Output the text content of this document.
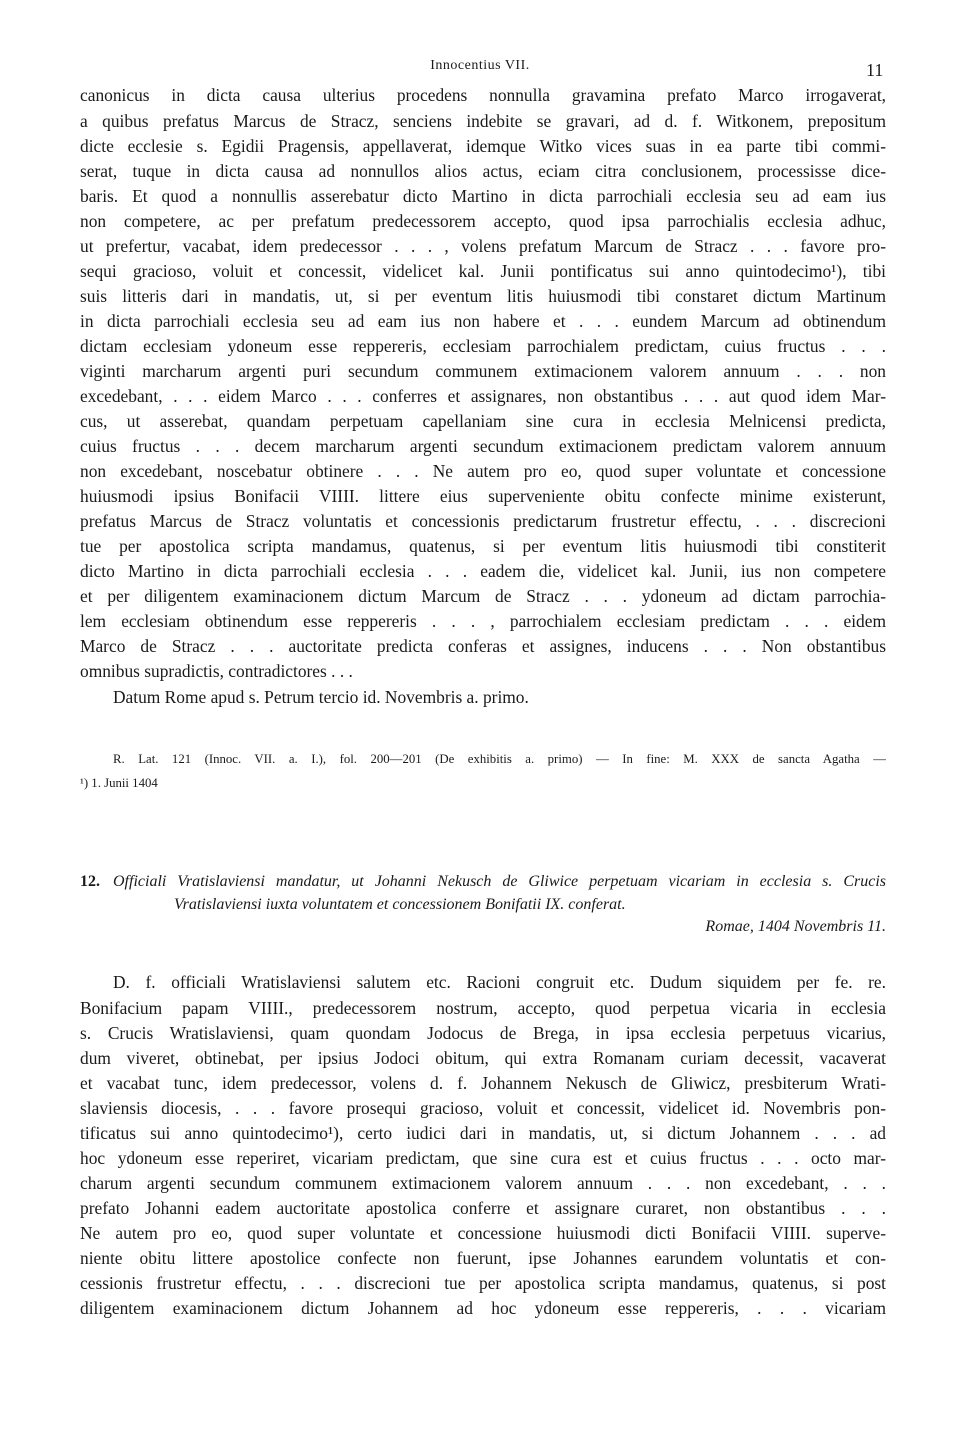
Innocentius VII.	11
canonicus in dicta causa ulterius procedens nonnulla gravamina prefato Marco irrogaverat,
a quibus prefatus Marcus de Stracz, senciens indebite se gravari, ad d. f. Witkonem, prepositum
dicte ecclesie s. Egidii Pragensis, appellaverat, idemque Witko vices suas in ea parte tibi commi-
serat, tuque in dicta causa ad nonnullos alios actus, eciam citra conclusionem, processisse dice-
baris. Et quod a nonnullis asserebatur dicto Martino in dicta parrochiali ecclesia seu ad eam ius
non competere, ac per prefatum predecessorem accepto, quod ipsa parrochialis ecclesia adhuc,
ut prefertur, vacabat, idem predecessor . . . , volens prefatum Marcum de Stracz . . . favore pro-
sequi gracioso, voluit et concessit, videlicet kal. Junii pontificatus sui anno quintodecimo¹), tibi
suis litteris dari in mandatis, ut, si per eventum litis huiusmodi tibi constaret dictum Martinum
in dicta parrochiali ecclesia seu ad eam ius non habere et . . . eundem Marcum ad obtinendum
dictam ecclesiam ydoneum esse reppereris, ecclesiam parrochialem predictam, cuius fructus . . .
viginti marcharum argenti puri secundum communem extimacionem valorem annuum . . . non
excedebant, . . . eidem Marco . . . conferres et assignares, non obstantibus . . . aut quod idem Mar-
cus, ut asserebat, quandam perpetuam capellaniam sine cura in ecclesia Melnicensi predicta,
cuius fructus . . . decem marcharum argenti secundum extimacionem predictam valorem annuum
non excedebant, noscebatur obtinere . . . Ne autem pro eo, quod super voluntate et concessione
huiusmodi ipsius Bonifacii VIIII. littere eius superveniente obitu confecte minime existerunt,
prefatus Marcus de Stracz voluntatis et concessionis predictarum frustretur effectu, . . . discrecioni
tue per apostolica scripta mandamus, quatenus, si per eventum litis huiusmodi tibi constiterit
dicto Martino in dicta parrochiali ecclesia . . . eadem die, videlicet kal. Junii, ius non competere
et per diligentem examinacionem dictum Marcum de Stracz . . . ydoneum ad dictam parrochia-
lem ecclesiam obtinendum esse reppereris . . . , parrochialem ecclesiam predictam . . . eidem
Marco de Stracz . . . auctoritate predicta conferas et assignes, inducens . . . Non obstantibus
omnibus supradictis, contradictores . . .
Datum Rome apud s. Petrum tercio id. Novembris a. primo.
R. Lat. 121 (Innoc. VII. a. I.), fol. 200—201 (De exhibitis a. primo) — In fine: M. XXX de sancta Agatha —
¹) 1. Junii 1404
12. Officiali Vratislaviensi mandatur, ut Johanni Nekusch de Gliwice perpetuam vicariam in ecclesia s. Crucis
Vratislaviensi iuxta voluntatem et concessionem Bonifatii IX. conferat.
Romae, 1404 Novembris 11.
D. f. officiali Wratislaviensi salutem etc. Racioni congruit etc. Dudum siquidem per fe. re.
Bonifacium papam VIIII., predecessorem nostrum, accepto, quod perpetua vicaria in ecclesia
s. Crucis Wratislaviensi, quam quondam Jodocus de Brega, in ipsa ecclesia perpetuus vicarius,
dum viveret, obtinebat, per ipsius Jodoci obitum, qui extra Romanam curiam decessit, vacaverat
et vacabat tunc, idem predecessor, volens d. f. Johannem Nekusch de Gliwicz, presbiterum Wrati-
slaviensis diocesis, . . . favore prosequi gracioso, voluit et concessit, videlicet id. Novembris pon-
tificatus sui anno quintodecimo¹), certo iudici dari in mandatis, ut, si dictum Johannem . . . ad
hoc ydoneum esse reperiret, vicariam predictam, que sine cura est et cuius fructus . . . octo mar-
charum argenti secundum communem extimacionem valorem annuum . . . non excedebant, . . .
prefato Johanni eadem auctoritate apostolica conferre et assignare curaret, non obstantibus . . .
Ne autem pro eo, quod super voluntate et concessione huiusmodi dicti Bonifacii VIIII. superve-
niente obitu littere apostolice confecte non fuerunt, ipse Johannes earundem voluntatis et con-
cessionis frustretur effectu, . . . discrecioni tue per apostolica scripta mandamus, quatenus, si post
diligentem examinacionem dictum Johannem ad hoc ydoneum esse reppereris, . . . vicariam
